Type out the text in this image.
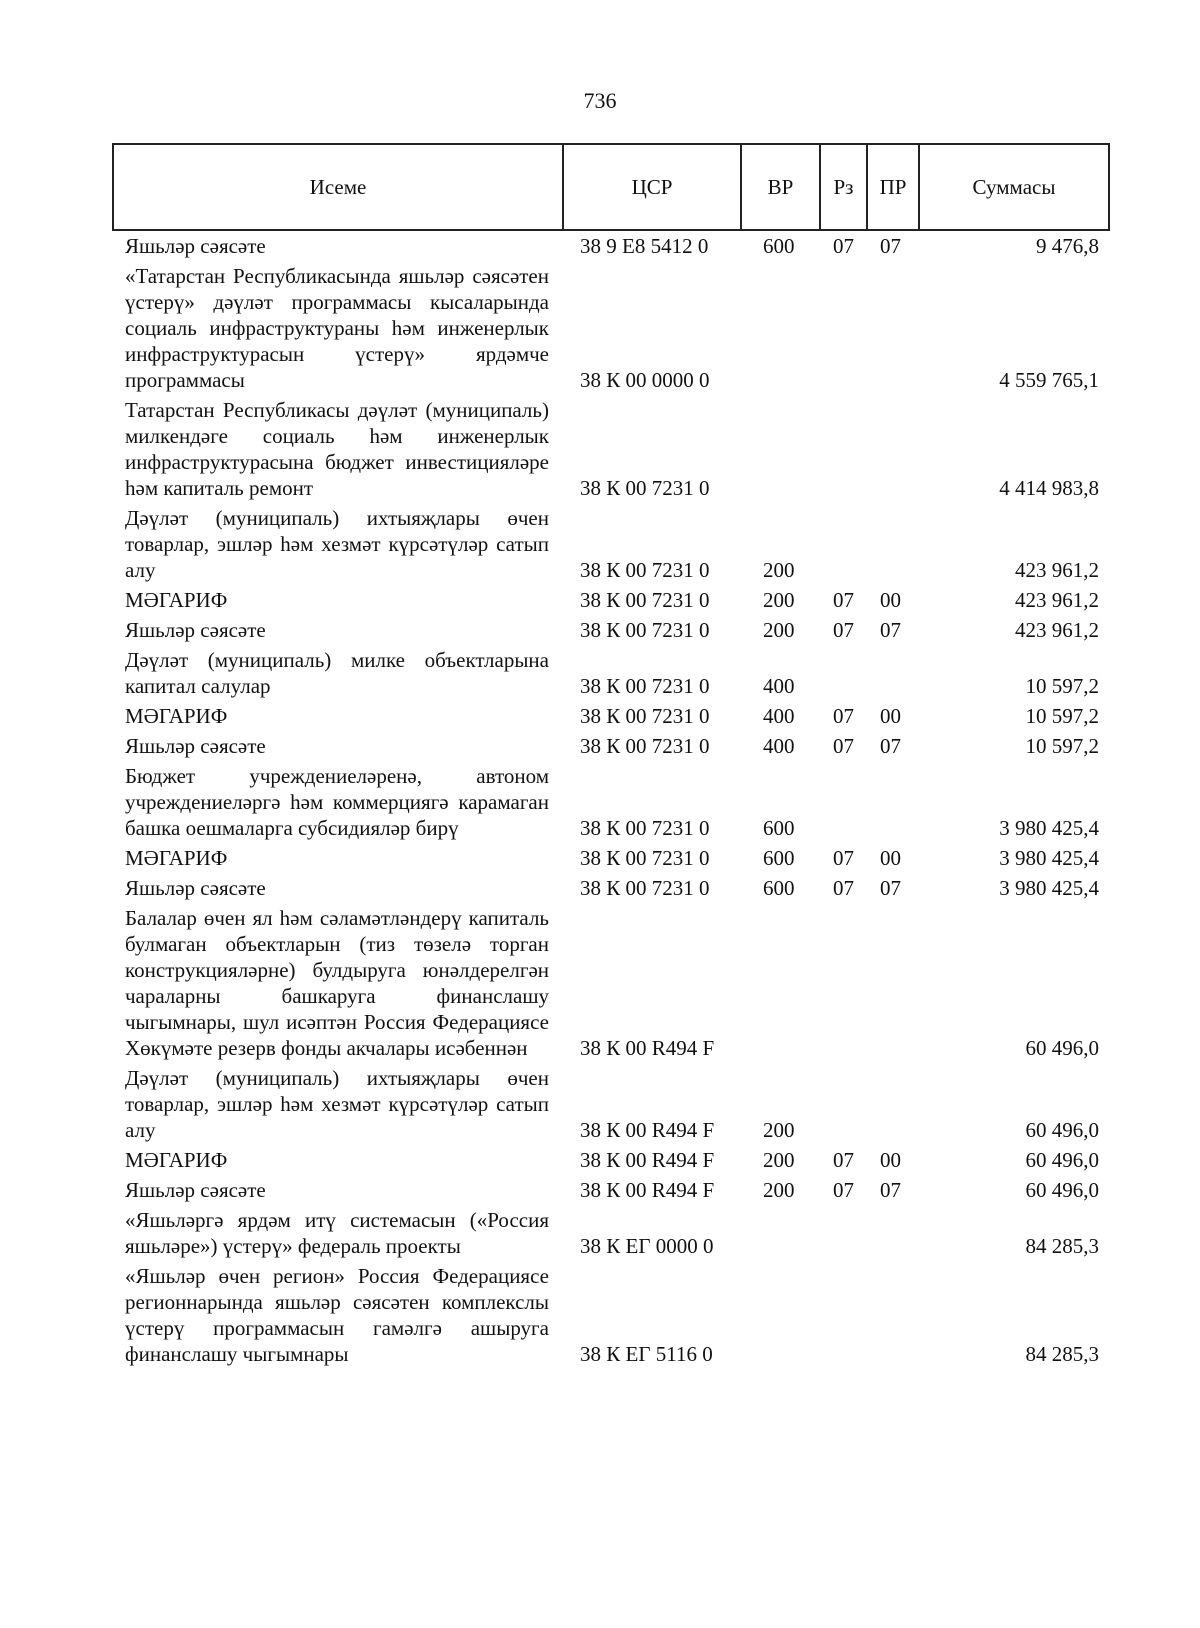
736
Исеме	ЦСР	ВР	Рз	ПР	Суммасы
Яшьләр сәясәте	38 9 Е8 5412 0	600	07	07	9 476,8
«Татарстан Республикасында яшьләр сәясәтен үстерү» дәүләт программасы кысаларында социаль инфраструктураны һәм инженерлык инфраструктурасын үстерү» ярдәмче программасы	38 К 00 0000 0				4 559 765,1
Татарстан Республикасы дәүләт (муниципаль) милкендәге социаль һәм инженерлык инфраструктурасына бюджет инвестицияләре һәм капиталь ремонт	38 К 00 7231 0				4 414 983,8
Дәүләт (муниципаль) ихтыяҗлары өчен товарлар, эшләр һәм хезмәт күрсәтүләр сатып алу	38 К 00 7231 0	200			423 961,2
МӘГАРИФ	38 К 00 7231 0	200	07	00	423 961,2
Яшьләр сәясәте	38 К 00 7231 0	200	07	07	423 961,2
Дәүләт (муниципаль) милке объектларына капитал салулар	38 К 00 7231 0	400			10 597,2
МӘГАРИФ	38 К 00 7231 0	400	07	00	10 597,2
Яшьләр сәясәте	38 К 00 7231 0	400	07	07	10 597,2
Бюджет учреждениеләренә, автоном учреждениеләргә һәм коммерциягә карамаган башка оешмаларга субсидияләр бирү	38 К 00 7231 0	600			3 980 425,4
МӘГАРИФ	38 К 00 7231 0	600	07	00	3 980 425,4
Яшьләр сәясәте	38 К 00 7231 0	600	07	07	3 980 425,4
Балалар өчен ял һәм сәламәтләндерү капиталь булмаган объектларын (тиз төзелә торган конструкцияләрне) булдыруга юнәлдерелгән чараларны башкаруга финанслашу чыгымнары, шул исәптән Россия Федерациясе Хөкүмәте резерв фонды акчалары исәбеннән	38 К 00 R494 F				60 496,0
Дәүләт (муниципаль) ихтыяҗлары өчен товарлар, эшләр һәм хезмәт күрсәтүләр сатып алу	38 К 00 R494 F	200			60 496,0
МӘГАРИФ	38 К 00 R494 F	200	07	00	60 496,0
Яшьләр сәясәте	38 К 00 R494 F	200	07	07	60 496,0
«Яшьләргә ярдәм итү системасын («Россия яшьләре») үстерү» федераль проекты	38 К ЕГ 0000 0				84 285,3
«Яшьләр өчен регион» Россия Федерациясе регионнарында яшьләр сәясәтен комплекслы үстерү программасын гамәлгә ашыруга финанслашу чыгымнары	38 К ЕГ 5116 0				84 285,3
